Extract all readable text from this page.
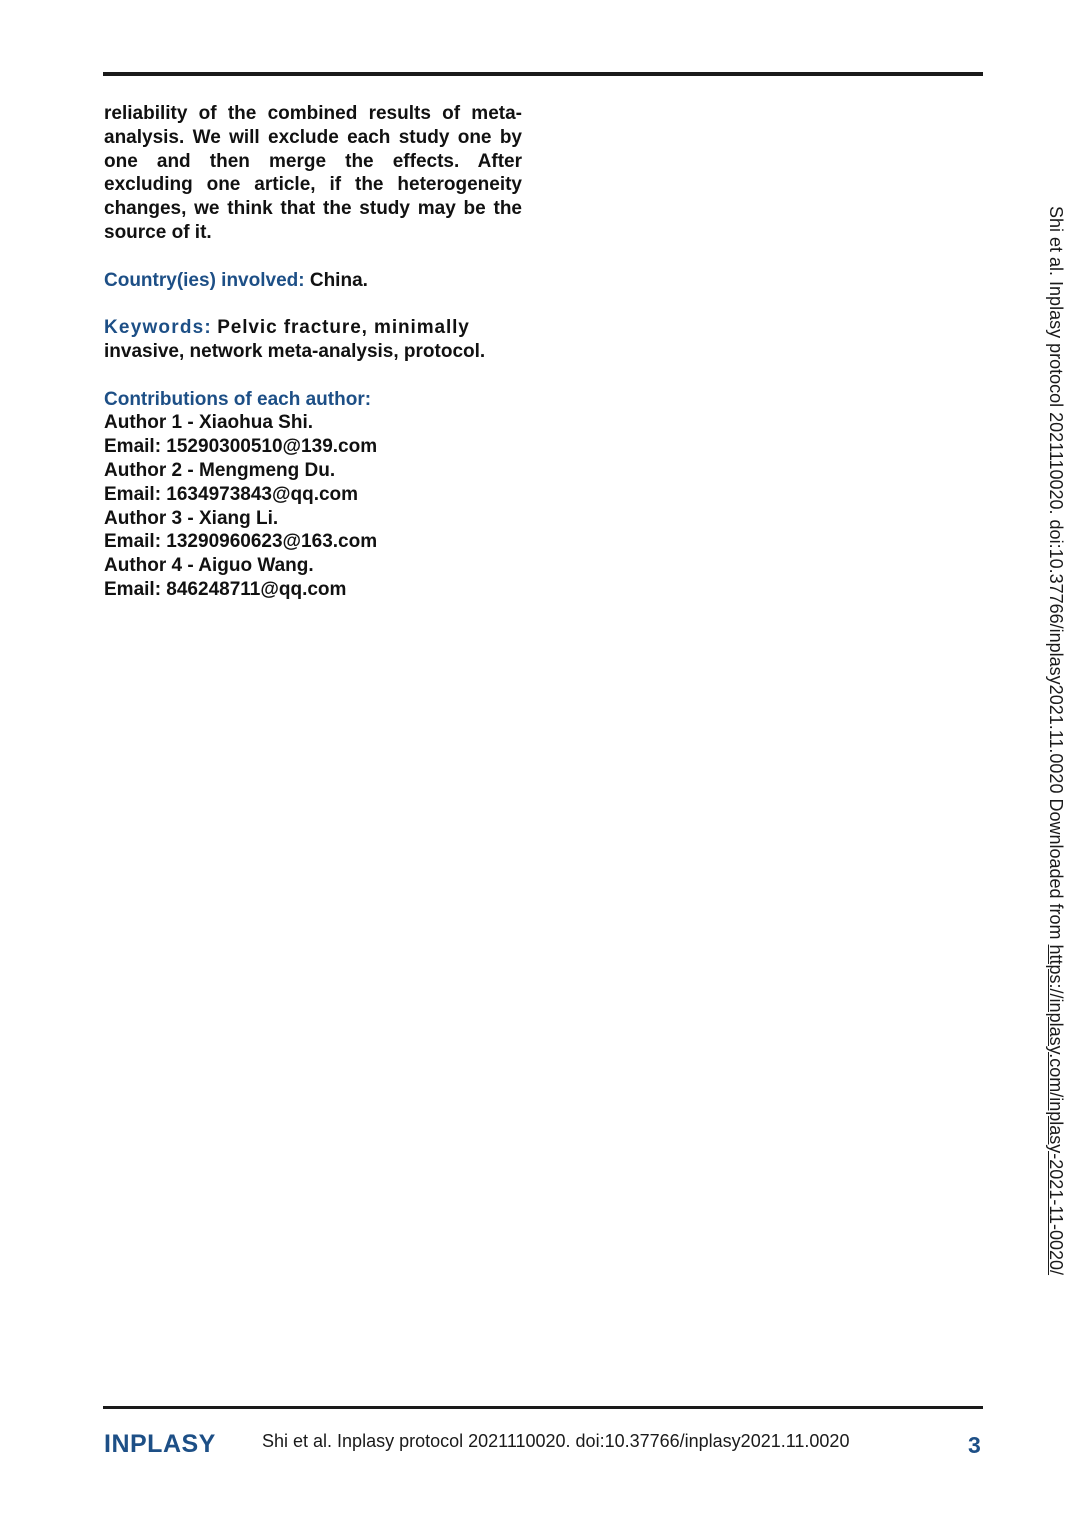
reliability of the combined results of meta-analysis. We will exclude each study one by one and then merge the effects. After excluding one article, if the heterogeneity changes, we think that the study may be the source of it.

Country(ies) involved: China.

Keywords: Pelvic fracture, minimally

invasive, network meta-analysis, protocol.
Contributions of each author:
Author 1 - Xiaohua Shi.
Email: 15290300510@139.com
Author 2 - Mengmeng Du.
Email: 1634973843@qq.com
Author 3 - Xiang Li.
Email: 13290960623@163.com
Author 4 - Aiguo Wang.
Email: 846248711@qq.com	Shi et al. Inplasy protocol 2021110020. doi:10.37766/inplasy2021.11.0020 Downloaded from https://inplasy.com/inplasy-2021-11-0020/
INPLASY	Shi et al. Inplasy protocol 2021110020. doi:10.37766/inplasy2021.11.0020	3
